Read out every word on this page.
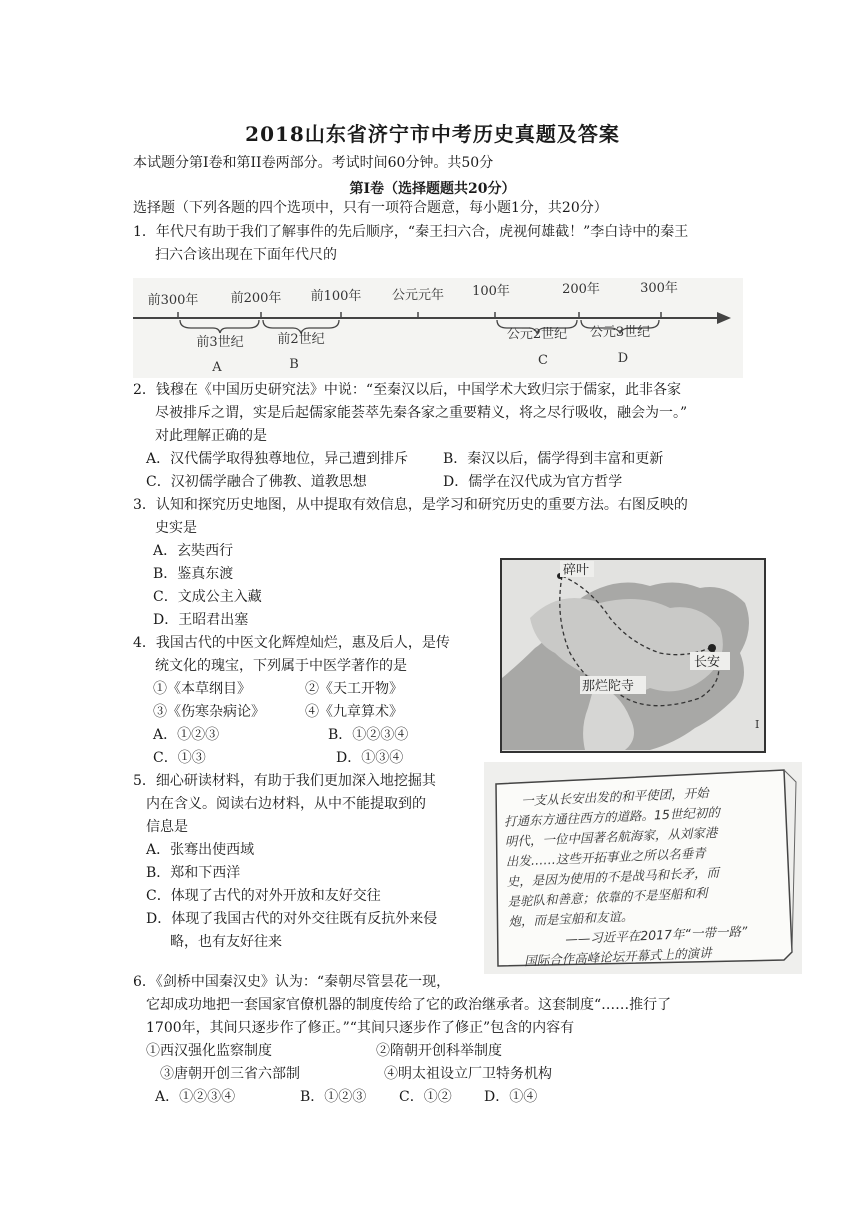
2018山东省济宁市中考历史真题及答案
本试题分第I卷和第II卷两部分。考试时间60分钟。共50分
第I卷（选择题题共20分）
选择题（下列各题的四个选项中，只有一项符合题意，每小题1分，共20分）
1．年代尺有助于我们了解事件的先后顺序，“秦王扫六合，虎视何雄截！”李白诗中的秦王
扫六合该出现在下面年代尺的
前300年 前200年 前100年 公元元年 100年	200年	300年
前3世纪	前2世纪	公元2世纪 公元3世纪
A	B	C	D
2．钱穆在《中国历史研究法》中说：“至秦汉以后，中国学术大致归宗于儒家，此非各家
尽被排斥之谓，实是后起儒家能荟萃先秦各家之重要精义，将之尽行吸收，融会为一。”
对此理解正确的是
A．汉代儒学取得独尊地位，异己遭到排斥 B．秦汉以后，儒学得到丰富和更新
C．汉初儒学融合了佛教、道教思想	D．儒学在汉代成为官方哲学
3．认知和探究历史地图，从中提取有效信息，是学习和研究历史的重要方法。右图反映的
史实是
A．玄奘西行
B．鉴真东渡
C．文成公主入藏
D．王昭君出塞
碎叶
长安
那烂陀寺
I
4．我国古代的中医文化辉煌灿烂，惠及后人，是传
统文化的瑰宝，下列属于中医学著作的是
①《本草纲目》	②《天工开物》
③《伤寒杂病论》	④《九章算术》
A．①②③	B．①②③④
C．①③	D．①③④
5．细心研读材料，有助于我们更加深入地挖掘其
内在含义。阅读右边材料，从中不能提取到的
信息是
A．张骞出使西域
B．郑和下西洋
C．体现了古代的对外开放和友好交往
D．体现了我国古代的对外交往既有反抗外来侵
略，也有友好往来
一支从长安出发的和平使团，开始
打通东方通往西方的道路。15世纪初的
明代，一位中国著名航海家，从刘家港
出发……这些开拓事业之所以名垂青
史，是因为使用的不是战马和长矛，而
是驼队和善意；依靠的不是坚船和利
炮，而是宝船和友谊。
——习近平在2017年“一带一路”
国际合作高峰论坛开幕式上的演讲
6．《剑桥中国秦汉史》认为：“秦朝尽管昙花一现，
它却成功地把一套国家官僚机器的制度传给了它的政治继承者。这套制度“……推行了
1700年，其间只逐步作了修正。”“其间只逐步作了修正”包含的内容有
①西汉强化监察制度	②隋朝开创科举制度
③唐朝开创三省六部制	④明太祖设立厂卫特务机构
A．①②③④	B．①②③ C．①② D．①④
